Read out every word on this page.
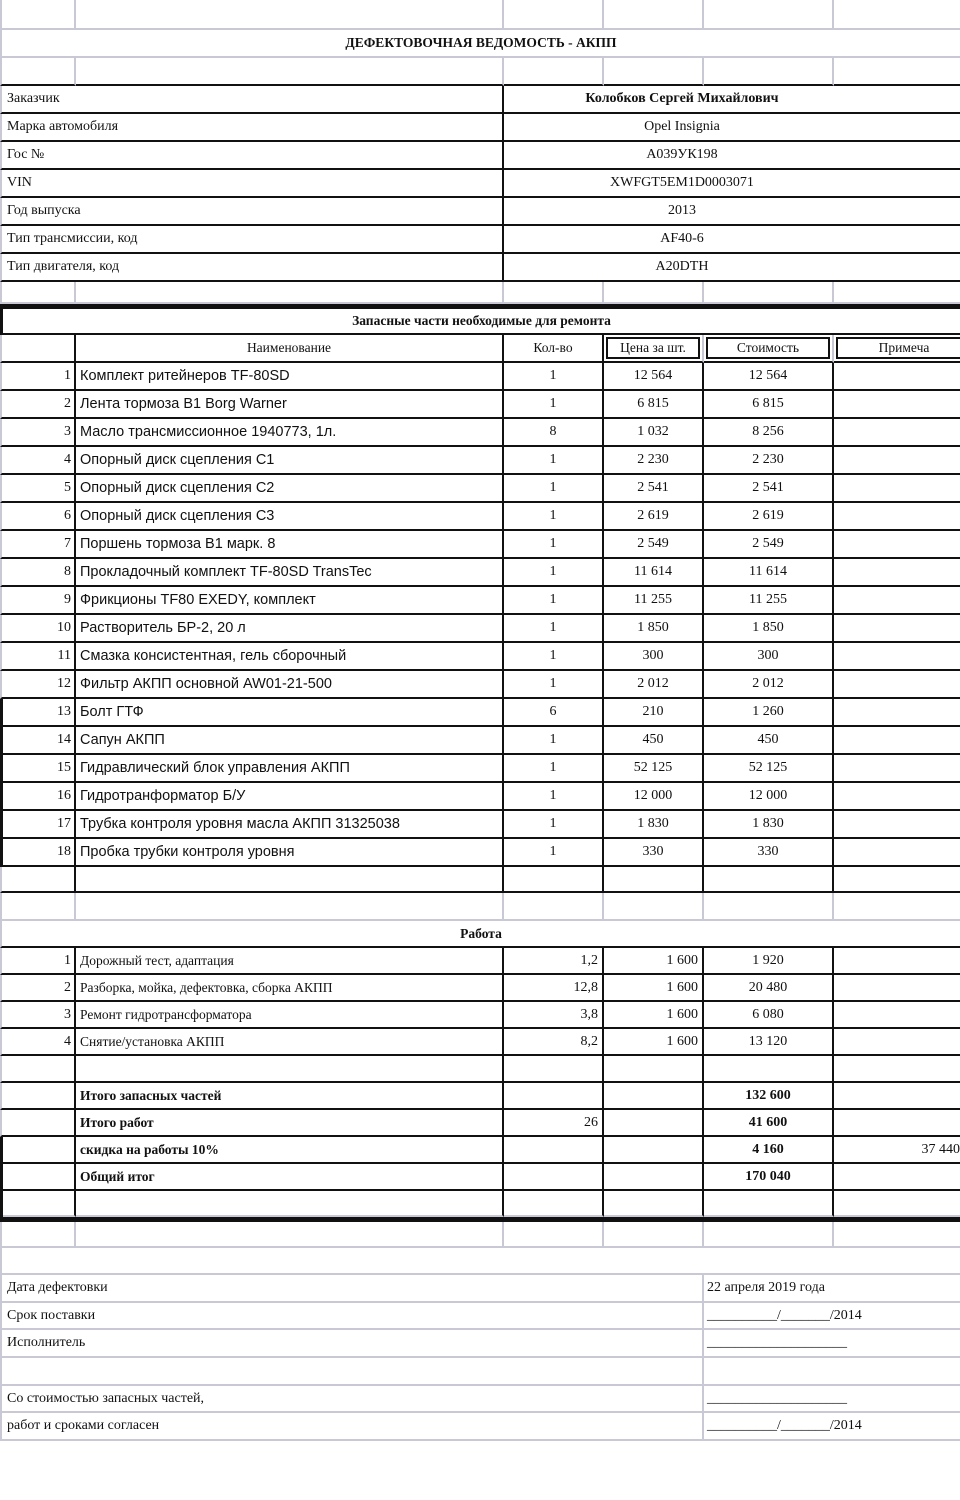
ДЕФЕКТОВОЧНАЯ ВЕДОМОСТЬ - АКПП
Заказчик	Колобков Сергей Михайлович
Марка автомобиля	Opel Insignia
Гос №	А039УК198
VIN	XWFGT5EM1D0003071
Год выпуска	2013
Тип трансмиссии, код	AF40-6
Тип двигателя, код	A20DTH
Запасные части необходимые для ремонта
Наименование	Кол-во	Цена за шт.	Стоимость	Примеча
1 Комплект ритейнеров TF-80SD	1	12 564	12 564
2 Лента тормоза В1 Borg Warner	1	6 815	6 815
3 Масло трансмиссионное 1940773, 1л.	8	1 032	8 256
4 Опорный диск сцепления С1	1	2 230	2 230
5 Опорный диск сцепления С2	1	2 541	2 541
6 Опорный диск сцепления С3	1	2 619	2 619
7 Поршень тормоза В1 марк. 8	1	2 549	2 549
8 Прокладочный комплект TF-80SD TransTec	1	11 614	11 614
9 Фрикционы TF80 EXEDY, комплект	1	11 255	11 255
10 Растворитель БР-2, 20 л	1	1 850	1 850
11 Смазка консистентная, гель сборочный	1	300	300
12 Фильтр АКПП основной AW01-21-500	1	2 012	2 012
13 Болт ГТФ	6	210	1 260
14 Сапун АКПП	1	450	450
15 Гидравлический блок управления АКПП	1	52 125	52 125
16 Гидротранформатор Б/У	1	12 000	12 000
17 Трубка контроля уровня масла АКПП 31325038	1	1 830	1 830
18 Пробка трубки контроля уровня	1	330	330
Работа
1 Дорожный тест, адаптация	1,2	1 600	1 920
2 Разборка, мойка, дефектовка, сборка АКПП	12,8	1 600	20 480
3 Ремонт гидротрансформатора	3,8	1 600	6 080
4 Снятие/установка АКПП	8,2	1 600	13 120
Итого запасных частей	132 600
Итого работ	26	41 600
скидка на работы 10%	4 160	37 440
Общий итог	170 040
Дата дефектовки	22 апреля 2019 года
Срок поставки	__________/_______/2014
Исполнитель	____________________
Со стоимостью запасных частей,	____________________
работ и сроками согласен	__________/_______/2014
